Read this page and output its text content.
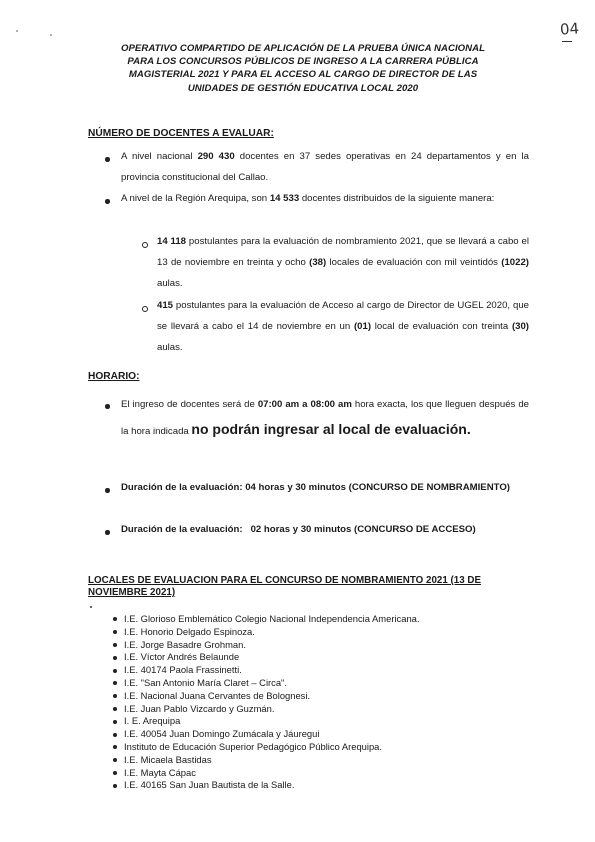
04
OPERATIVO COMPARTIDO DE APLICACIÓN DE LA PRUEBA ÚNICA NACIONAL
PARA LOS CONCURSOS PÚBLICOS DE INGRESO A LA CARRERA PÚBLICA
MAGISTERIAL 2021 Y PARA EL ACCESO AL CARGO DE DIRECTOR DE LAS
UNIDADES DE GESTIÓN EDUCATIVA LOCAL 2020
NÚMERO DE DOCENTES A EVALUAR:
A nivel nacional 290 430 docentes en 37 sedes operativas en 24 departamentos y en la provincia constitucional del Callao.
A nivel de la Región Arequipa, son 14 533 docentes distribuidos de la siguiente manera:
14 118 postulantes para la evaluación de nombramiento 2021, que se llevará a cabo el 13 de noviembre en treinta y ocho (38) locales de evaluación con mil veintidós (1022) aulas.
415 postulantes para la evaluación de Acceso al cargo de Director de UGEL 2020, que se llevará a cabo el 14 de noviembre en un (01) local de evaluación con treinta (30) aulas.
HORARIO:
El ingreso de docentes será de 07:00 am a 08:00 am hora exacta, los que lleguen después de la hora indicada no podrán ingresar al local de evaluación.
Duración de la evaluación: 04 horas y 30 minutos (CONCURSO DE NOMBRAMIENTO)
Duración de la evaluación: 02 horas y 30 minutos (CONCURSO DE ACCESO)
LOCALES DE EVALUACION PARA EL CONCURSO DE NOMBRAMIENTO 2021 (13 DE NOVIEMBRE 2021)
I.E. Glorioso Emblemático Colegio Nacional Independencia Americana.
I.E. Honorio Delgado Espinoza.
I.E. Jorge Basadre Grohman.
I.E. Víctor Andrés Belaunde
I.E. 40174 Paola Frassinetti.
I.E. "San Antonio María Claret – Circa".
I.E. Nacional Juana Cervantes de Bolognesi.
I.E. Juan Pablo Vizcardo y Guzmán.
I. E. Arequipa
I.E. 40054 Juan Domingo Zumácala y Jáuregui
Instituto de Educación Superior Pedagógico Público Arequipa.
I.E. Micaela Bastidas
I.E. Mayta Cápac
I.E. 40165 San Juan Bautista de la Salle.
